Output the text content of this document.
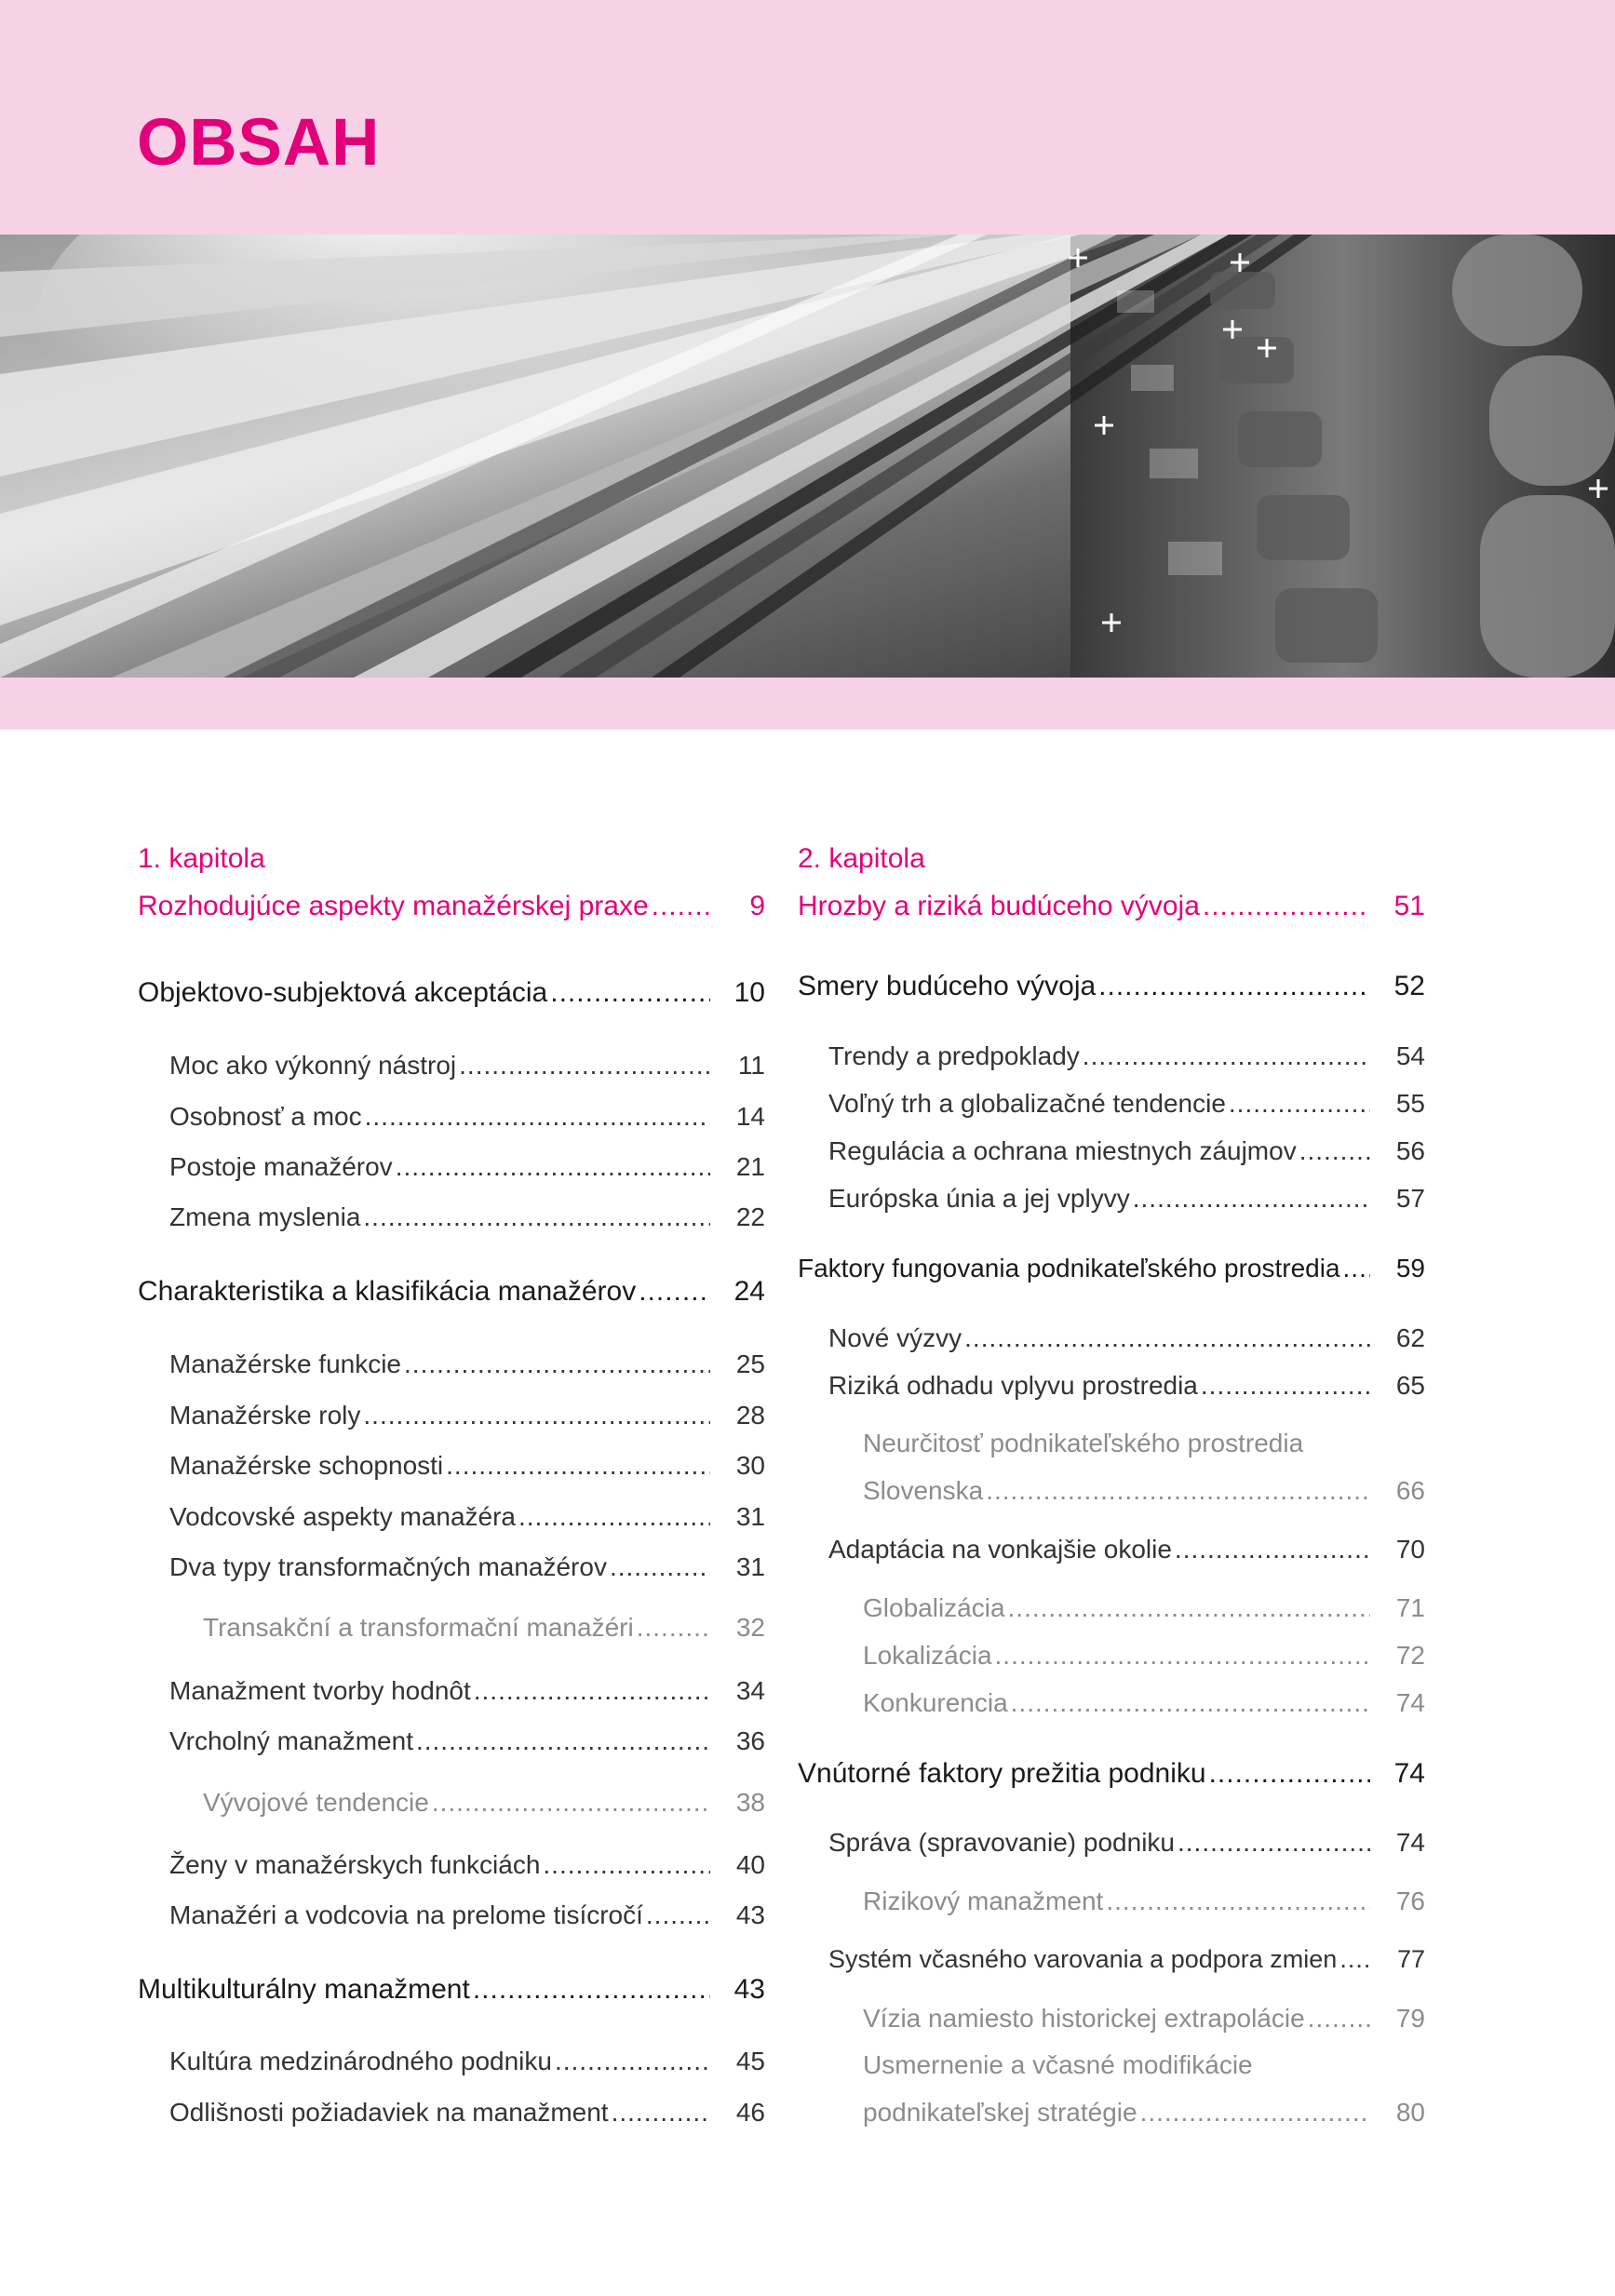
OBSAH
1. kapitola
Rozhodujúce aspekty manažérskej praxe .....	9
Objektovo-subjektová akceptácia .....	10
Moc ako výkonný nástroj .....	11
Osobnosť a moc .....	14
Postoje manažérov .....	21
Zmena myslenia .....	22
Charakteristika a klasifikácia manažérov .....	24
Manažérske funkcie .....	25
Manažérske roly .....	28
Manažérske schopnosti .....	30
Vodcovské aspekty manažéra .....	31
Dva typy transformačných manažérov .....	31
Transakční a transformační manažéri .....	32
Manažment tvorby hodnôt .....	34
Vrcholný manažment .....	36
Vývojové tendencie .....	38
Ženy v manažérskych funkciách .....	40
Manažéri a vodcovia na prelome tisícročí .....	43
Multikulturálny manažment .....	43
Kultúra medzinárodného podniku .....	45
Odlišnosti požiadaviek na manažment .....	46
2. kapitola
Hrozby a riziká budúceho vývoja .....	51
Smery budúceho vývoja .....	52
Trendy a predpoklady .....	54
Voľný trh a globalizačné tendencie .....	55
Regulácia a ochrana miestnych záujmov .....	56
Európska únia a jej vplyvy .....	57
Faktory fungovania podnikateľského prostredia .....	59
Nové výzvy .....	62
Riziká odhadu vplyvu prostredia .....	65
Neurčitosť podnikateľského prostredia
Slovenska .....	66
Adaptácia na vonkajšie okolie .....	70
Globalizácia .....	71
Lokalizácia .....	72
Konkurencia .....	74
Vnútorné faktory prežitia podniku .....	74
Správa (spravovanie) podniku .....	74
Rizikový manažment .....	76
Systém včasného varovania a podpora zmien .....	77
Vízia namiesto historickej extrapolácie .....	79
Usmernenie a včasné modifikácie
podnikateľskej stratégie .....	80
